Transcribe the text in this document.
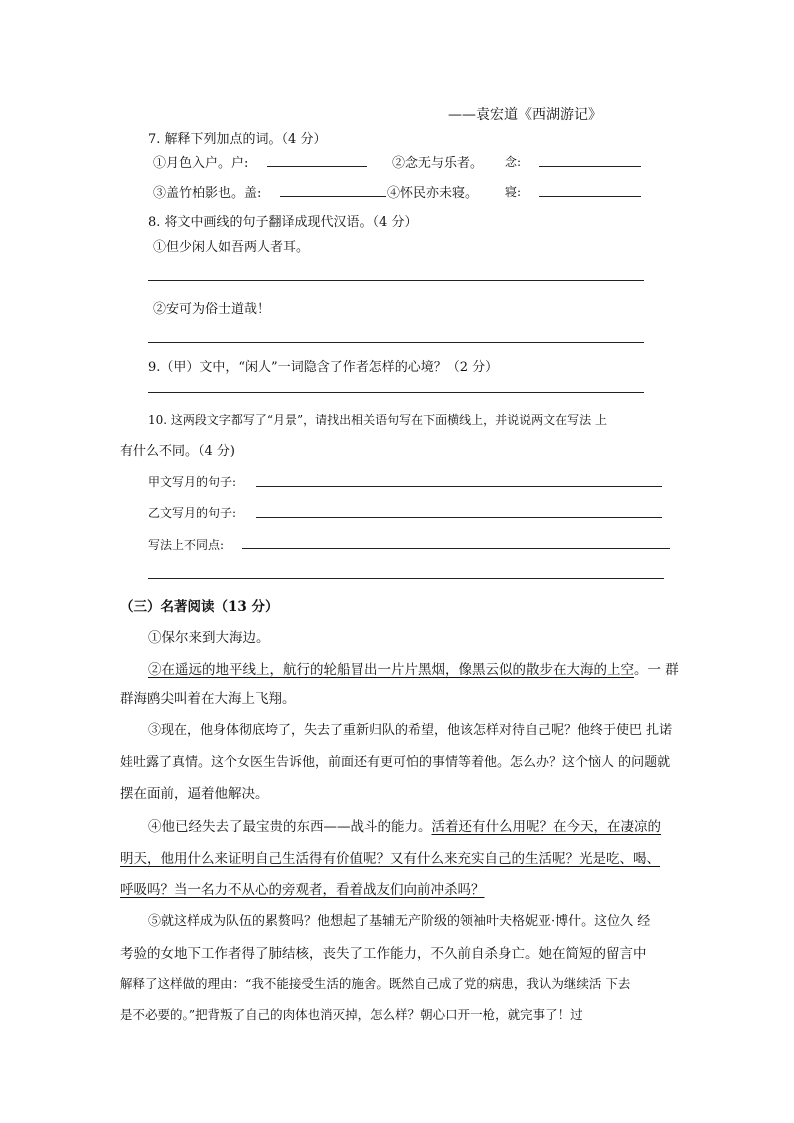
——袁宏道《西湖游记》
7. 解释下列加点的词。（4 分）
①月色入户。户:	②念无与乐者。 念:
③盖竹柏影也。盖:	④怀民亦未寝。 寝:
8. 将文中画线的句子翻译成现代汉语。（4 分）
①但少闲人如吾两人者耳。
②安可为俗士道哉！
9.（甲）文中，“闲人”一词隐含了作者怎样的心境？（2 分）
10. 这两段文字都写了“月景”，请找出相关语句写在下面横线上，并说说两文在写法 上
有什么不同。（4 分)
甲文写月的句子:
乙文写月的句子:
写法上不同点:
（三）名著阅读（13 分）
①保尔来到大海边。
②在遥远的地平线上，航行的轮船冒出一片片黑烟，像黑云似的散步在大海的上空。一 群
群海鸥尖叫着在大海上飞翔。
③现在，他身体彻底垮了，失去了重新归队的希望，他该怎样对待自己呢？他终于使巴 扎诺
娃吐露了真情。这个女医生告诉他，前面还有更可怕的事情等着他。怎么办？这个恼人 的问题就
摆在面前，逼着他解决。
④他已经失去了最宝贵的东西——战斗的能力。活着还有什么用呢？在今天，在凄凉的
明天，他用什么来证明自己生活得有价值呢？又有什么来充实自己的生活呢？光是吃、喝、
呼吸吗？当一名力不从心的旁观者，看着战友们向前冲杀吗？
⑤就这样成为队伍的累赘吗？他想起了基辅无产阶级的领袖叶夫格妮亚·博什。这位久 经
考验的女地下工作者得了肺结核，丧失了工作能力，不久前自杀身亡。她在简短的留言中
解释了这样做的理由：“我不能接受生活的施舍。既然自己成了党的病患，我认为继续活 下去
是不必要的。”把背叛了自己的肉体也消灭掉，怎么样？朝心口开一枪，就完事了！过
